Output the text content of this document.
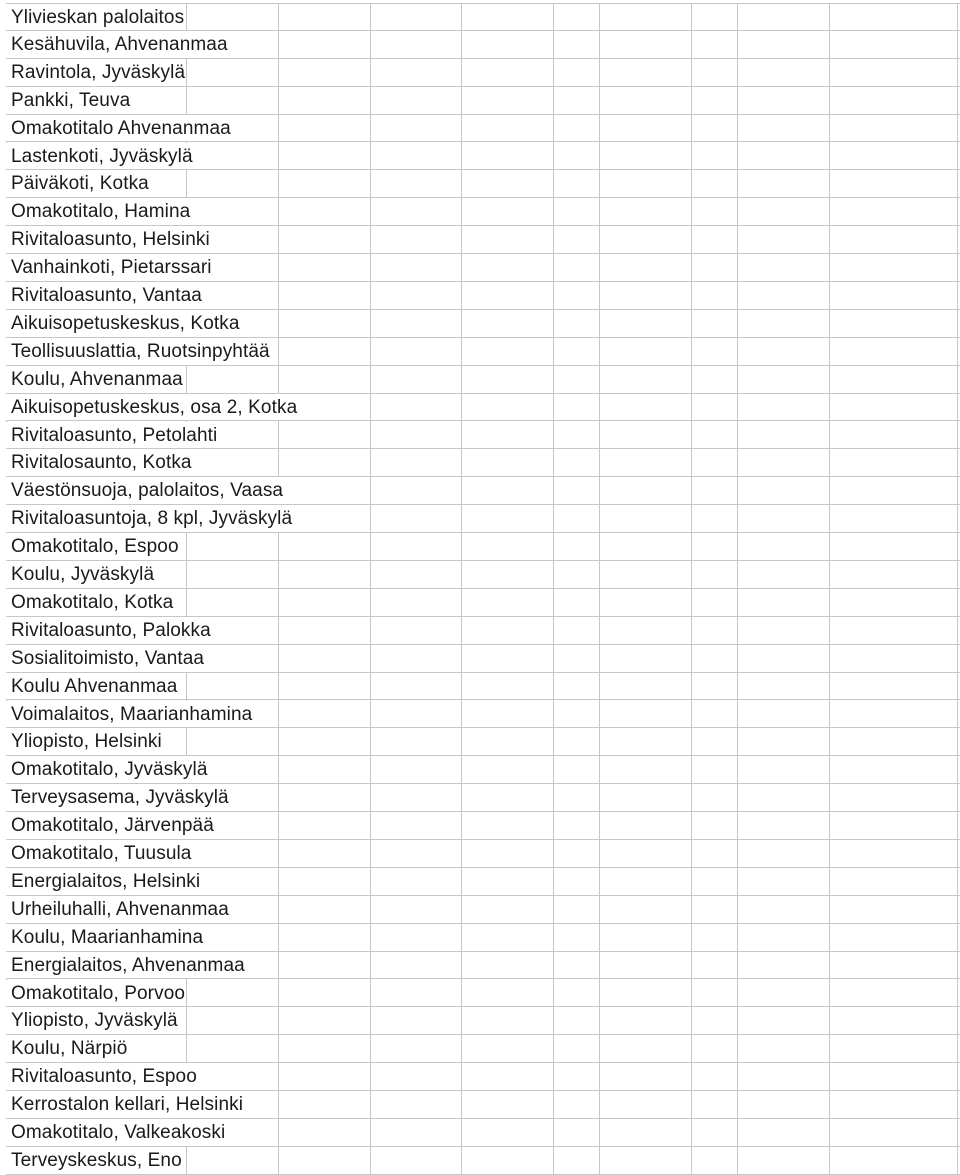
Ylivieskan palolaitos
Kesähuvila, Ahvenanmaa
Ravintola, Jyväskylä
Pankki, Teuva
Omakotitalo Ahvenanmaa
Lastenkoti, Jyväskylä
Päiväkoti, Kotka
Omakotitalo, Hamina
Rivitaloasunto, Helsinki
Vanhainkoti, Pietarssari
Rivitaloasunto, Vantaa
Aikuisopetuskeskus, Kotka
Teollisuuslattia, Ruotsinpyhtää
Koulu, Ahvenanmaa
Aikuisopetuskeskus, osa 2, Kotka
Rivitaloasunto, Petolahti
Rivitalosaunto, Kotka
Väestönsuoja, palolaitos, Vaasa
Rivitaloasuntoja, 8 kpl, Jyväskylä
Omakotitalo, Espoo
Koulu, Jyväskylä
Omakotitalo, Kotka
Rivitaloasunto, Palokka
Sosialitoimisto, Vantaa
Koulu Ahvenanmaa
Voimalaitos, Maarianhamina
Yliopisto, Helsinki
Omakotitalo, Jyväskylä
Terveysasema, Jyväskylä
Omakotitalo, Järvenpää
Omakotitalo, Tuusula
Energialaitos, Helsinki
Urheiluhalli, Ahvenanmaa
Koulu, Maarianhamina
Energialaitos, Ahvenanmaa
Omakotitalo, Porvoo
Yliopisto, Jyväskylä
Koulu, Närpiö
Rivitaloasunto, Espoo
Kerrostalon kellari, Helsinki
Omakotitalo, Valkeakoski
Terveyskeskus, Eno
